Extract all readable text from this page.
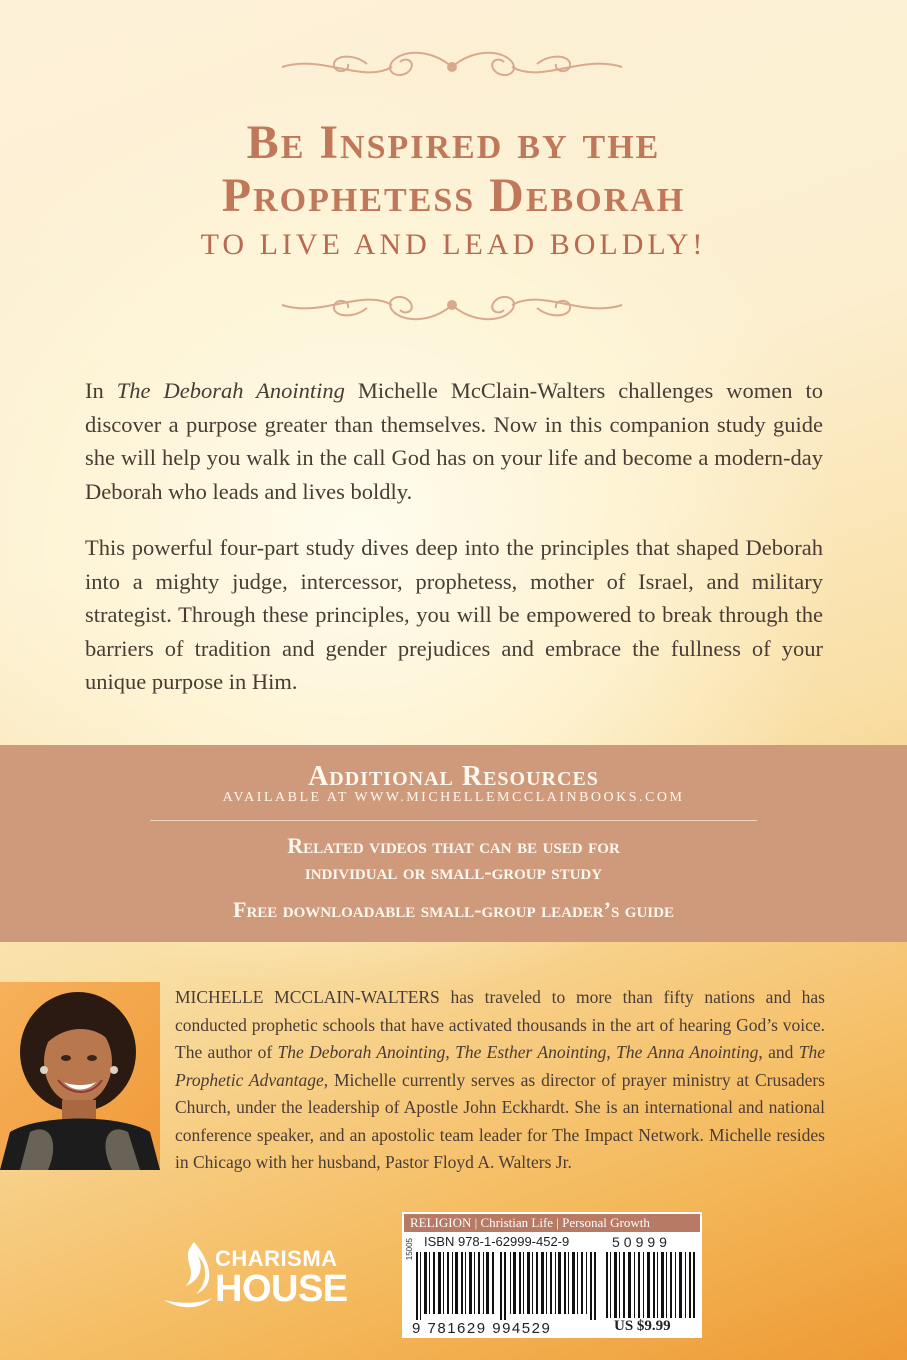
Be Inspired by the
Prophetess Deborah
TO LIVE AND LEAD BOLDLY!

In The Deborah Anointing Michelle McClain-Walters challenges women to discover a purpose greater than themselves. Now in this companion study guide she will help you walk in the call God has on your life and become a modern-day Deborah who leads and lives boldly.

This powerful four-part study dives deep into the principles that shaped Deborah into a mighty judge, intercessor, prophetess, mother of Israel, and military strategist. Through these principles, you will be empowered to break through the barriers of tradition and gender prejudices and embrace the fullness of your unique purpose in Him.

Additional Resources
AVAILABLE AT WWW.MICHELLEMCCLAINBOOKS.COM
Related videos that can be used for
individual or small-group study
Free downloadable small-group leader’s guide

MICHELLE MCCLAIN-WALTERS has traveled to more than fifty nations and has conducted prophetic schools that have activated thousands in the art of hearing God’s voice. The author of The Deborah Anointing, The Esther Anointing, The Anna Anointing, and The Prophetic Advantage, Michelle currently serves as director of prayer ministry at Crusaders Church, under the leadership of Apostle John Eckhardt. She is an international and national conference speaker, and an apostolic team leader for The Impact Network. Michelle resides in Chicago with her husband, Pastor Floyd A. Walters Jr.

CHARISMA
HOUSE
RELIGION | Christian Life | Personal Growth
15005 ISBN 978-1-62999-452-9
9 781629 994529
50999
US $9.99
